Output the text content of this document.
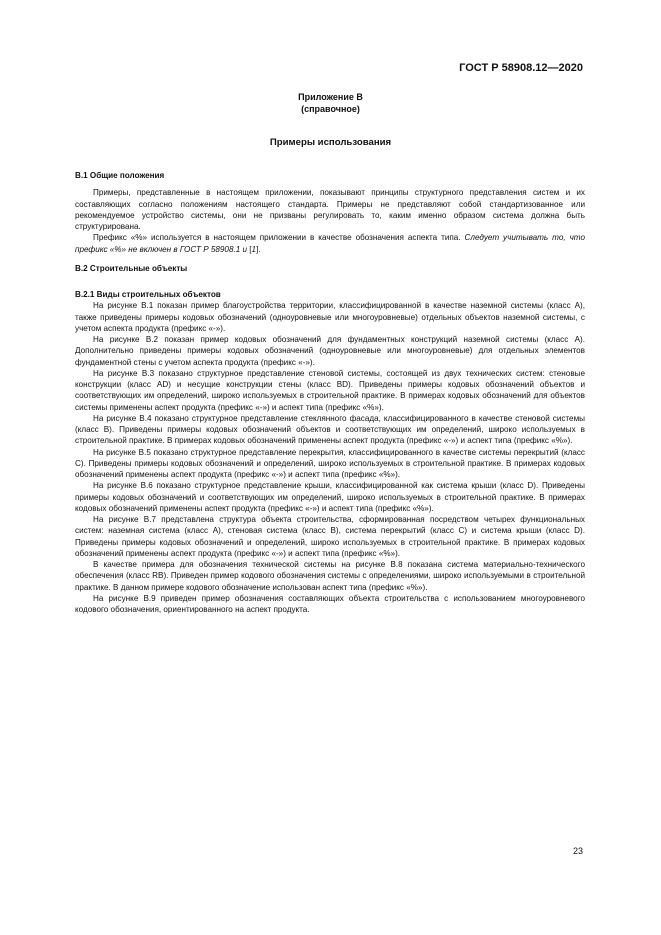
ГОСТ Р 58908.12—2020
Приложение В
(справочное)
Примеры использования
В.1 Общие положения

Примеры, представленные в настоящем приложении, показывают принципы структурного представления систем и их составляющих согласно положениям настоящего стандарта. Примеры не представляют собой стандартизованное или рекомендуемое устройство системы, они не призваны регулировать то, каким именно образом система должна быть структурирована.

Префикс «%» используется в настоящем приложении в качестве обозначения аспекта типа. Следует учитывать то, что префикс «%» не включен в ГОСТ Р 58908.1 и [1].

В.2 Строительные объекты
В.2.1 Виды строительных объектов

На рисунке В.1 показан пример благоустройства территории, классифицированной в качестве наземной системы (класс А), также приведены примеры кодовых обозначений (одноуровневые или многоуровневые) отдельных объектов наземной системы, с учетом аспекта продукта (префикс «-»).

На рисунке В.2 показан пример кодовых обозначений для фундаментных конструкций наземной системы (класс А). Дополнительно приведены примеры кодовых обозначений (одноуровневые или многоуровневые) для отдельных элементов фундаментной стены с учетом аспекта продукта (префикс «-»).

На рисунке В.3 показано структурное представление стеновой системы, состоящей из двух технических систем: стеновые конструкции (класс AD) и несущие конструкции стены (класс BD). Приведены примеры кодовых обозначений объектов и соответствующих им определений, широко используемых в строительной практике. В примерах кодовых обозначений для объектов системы применены аспект продукта (префикс «-») и аспект типа (префикс «%»).

На рисунке В.4 показано структурное представление стеклянного фасада, классифицированного в качестве стеновой системы (класс В). Приведены примеры кодовых обозначений объектов и соответствующих им определений, широко используемых в строительной практике. В примерах кодовых обозначений применены аспект продукта (префикс «-») и аспект типа (префикс «%»).

На рисунке В.5 показано структурное представление перекрытия, классифицированного в качестве системы перекрытий (класс С). Приведены примеры кодовых обозначений и определений, широко используемых в строительной практике. В примерах кодовых обозначений применены аспект продукта (префикс «-») и аспект типа (префикс «%»).

На рисунке В.6 показано структурное представление крыши, классифицированной как система крыши (класс D). Приведены примеры кодовых обозначений и соответствующих им определений, широко используемых в строительной практике. В примерах кодовых обозначений применены аспект продукта (префикс «-») и аспект типа (префикс «%»).

На рисунке В.7 представлена структура объекта строительства, сформированная посредством четырех функциональных систем: наземная система (класс А), стеновая система (класс В), система перекрытий (класс С) и система крыши (класс D). Приведены примеры кодовых обозначений и определений, широко используемых в строительной практике. В примерах кодовых обозначений применены аспект продукта (префикс «-») и аспект типа (префикс «%»).

В качестве примера для обозначения технической системы на рисунке В.8 показана система материально-технического обеспечения (класс RB). Приведен пример кодового обозначения системы с определениями, широко используемыми в строительной практике. В данном примере кодового обозначение использован аспект типа (префикс «%»).

На рисунке В.9 приведен пример обозначения составляющих объекта строительства с использованием многоуровневого кодового обозначения, ориентированного на аспект продукта.

23
